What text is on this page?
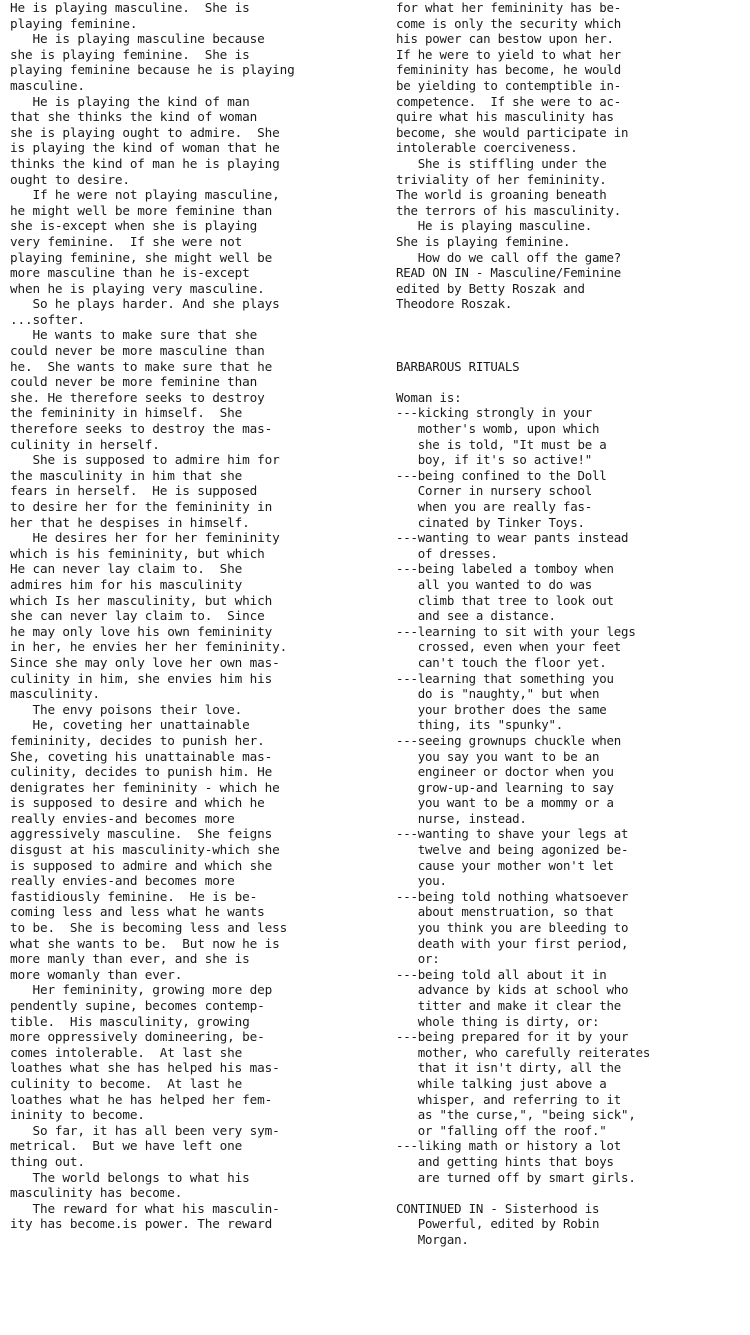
He is playing masculine.  She is
playing feminine.
He is playing masculine because
she is playing feminine.  She is
playing feminine because he is playing
masculine.
He is playing the kind of man
that she thinks the kind of woman
she is playing ought to admire.  She
is playing the kind of woman that he
thinks the kind of man he is playing
ought to desire.
If he were not playing masculine,
he might well be more feminine than
she is-except when she is playing
very feminine.  If she were not
playing feminine, she might well be
more masculine than he is-except
when he is playing very masculine.
So he plays harder. And she plays
...softer.
He wants to make sure that she
could never be more masculine than
he.  She wants to make sure that he
could never be more feminine than
she. He therefore seeks to destroy
the femininity in himself.  She
therefore seeks to destroy the mas-
culinity in herself.
She is supposed to admire him for
the masculinity in him that she
fears in herself.  He is supposed
to desire her for the femininity in
her that he despises in himself.
He desires her for her femininity
which is his femininity, but which
He can never lay claim to.  She
admires him for his masculinity
which Is her masculinity, but which
she can never lay claim to.  Since
he may only love his own femininity
in her, he envies her her femininity.
Since she may only love her own mas-
culinity in him, she envies him his
masculinity.
The envy poisons their love.
He, coveting her unattainable
femininity, decides to punish her.
She, coveting his unattainable mas-
culinity, decides to punish him. He
denigrates her femininity - which he
is supposed to desire and which he
really envies-and becomes more
aggressively masculine.  She feigns
disgust at his masculinity-which she
is supposed to admire and which she
really envies-and becomes more
fastidiously feminine.  He is be-
coming less and less what he wants
to be.  She is becoming less and less
what she wants to be.  But now he is
more manly than ever, and she is
more womanly than ever.
Her femininity, growing more dep
pendently supine, becomes contemp-
tible.  His masculinity, growing
more oppressively domineering, be-
comes intolerable.  At last she
loathes what she has helped his mas-
culinity to become.  At last he
loathes what he has helped her fem-
ininity to become.
So far, it has all been very sym-
metrical.  But we have left one
thing out.
The world belongs to what his
masculinity has become.
The reward for what his masculin-
ity has become.is power. The reward
for what her femininity has be-
come is only the security which
his power can bestow upon her.
If he were to yield to what her
femininity has become, he would
be yielding to contemptible in-
competence.  If she were to ac-
quire what his masculinity has
become, she would participate in
intolerable coerciveness.
She is stiffling under the
triviality of her femininity.
The world is groaning beneath
the terrors of his masculinity.
He is playing masculine.
She is playing feminine.
How do we call off the game?
READ ON IN - Masculine/Feminine
edited by Betty Roszak and
Theodore Roszak.
BARBAROUS RITUALS
Woman is:
---kicking strongly in your
mother's womb, upon which
she is told, "It must be a
boy, if it's so active!"
---being confined to the Doll
Corner in nursery school
when you are really fas-
cinated by Tinker Toys.
---wanting to wear pants instead
of dresses.
---being labeled a tomboy when
all you wanted to do was
climb that tree to look out
and see a distance.
---learning to sit with your legs
crossed, even when your feet
can't touch the floor yet.
---learning that something you
do is "naughty," but when
your brother does the same
thing, its "spunky".
---seeing grownups chuckle when
you say you want to be an
engineer or doctor when you
grow-up-and learning to say
you want to be a mommy or a
nurse, instead.
---wanting to shave your legs at
twelve and being agonized be-
cause your mother won't let
you.
---being told nothing whatsoever
about menstruation, so that
you think you are bleeding to
death with your first period,
or:
---being told all about it in
advance by kids at school who
titter and make it clear the
whole thing is dirty, or:
---being prepared for it by your
mother, who carefully reiterates
that it isn't dirty, all the
while talking just above a
whisper, and referring to it
as "the curse,", "being sick",
or "falling off the roof."
---liking math or history a lot
and getting hints that boys
are turned off by smart girls.
CONTINUED IN - Sisterhood is
Powerful, edited by Robin
Morgan.
